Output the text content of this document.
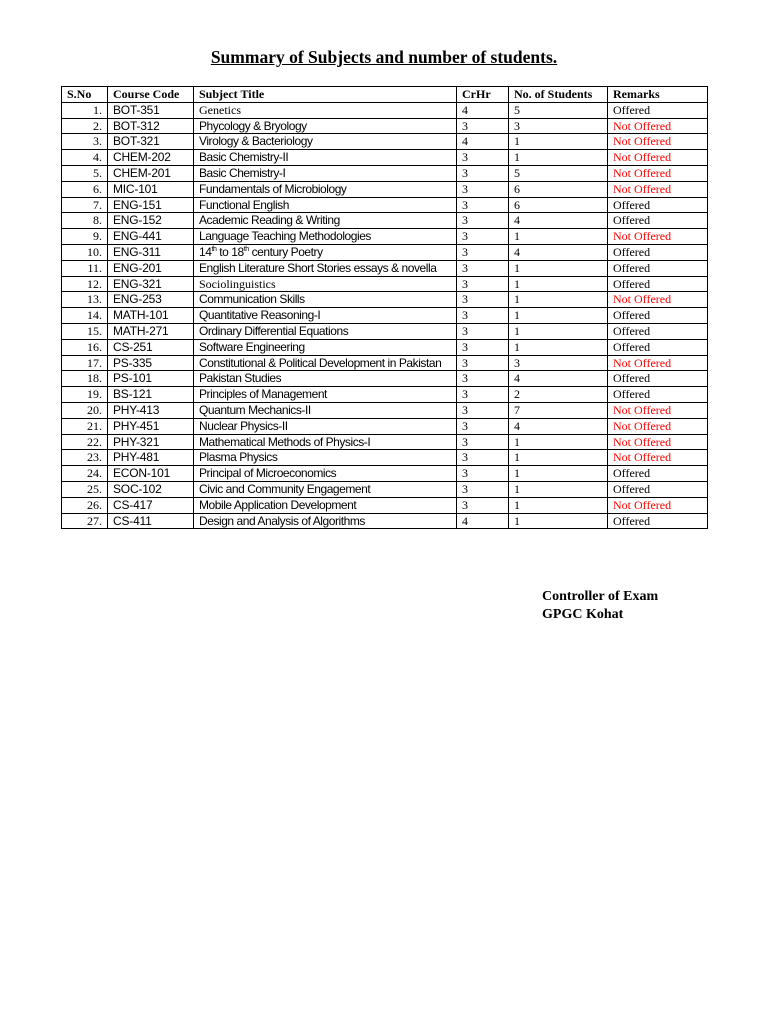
Summary of Subjects and number of students.
S.No	Course Code	Subject Title	CrHr	No. of Students	Remarks
1.	BOT-351	Genetics	4	5	Offered
2.	BOT-312	Phycology & Bryology	3	3	Not Offered
3.	BOT-321	Virology & Bacteriology	4	1	Not Offered
4.	CHEM-202	Basic Chemistry-II	3	1	Not Offered
5.	CHEM-201	Basic Chemistry-I	3	5	Not Offered
6.	MIC-101	Fundamentals of Microbiology	3	6	Not Offered
7.	ENG-151	Functional English	3	6	Offered
8.	ENG-152	Academic Reading & Writing	3	4	Offered
9.	ENG-441	Language Teaching Methodologies	3	1	Not Offered
10.	ENG-311	14th to 18th century Poetry	3	4	Offered
11.	ENG-201	English Literature Short Stories essays & novella	3	1	Offered
12.	ENG-321	Sociolinguistics	3	1	Offered
13.	ENG-253	Communication Skills	3	1	Not Offered
14.	MATH-101	Quantitative Reasoning-I	3	1	Offered
15.	MATH-271	Ordinary Differential Equations	3	1	Offered
16.	CS-251	Software Engineering	3	1	Offered
17.	PS-335	Constitutional & Political Development in Pakistan	3	3	Not Offered
18.	PS-101	Pakistan Studies	3	4	Offered
19.	BS-121	Principles of Management	3	2	Offered
20.	PHY-413	Quantum Mechanics-II	3	7	Not Offered
21.	PHY-451	Nuclear Physics-II	3	4	Not Offered
22.	PHY-321	Mathematical Methods of Physics-I	3	1	Not Offered
23.	PHY-481	Plasma Physics	3	1	Not Offered
24.	ECON-101	Principal of Microeconomics	3	1	Offered
25.	SOC-102	Civic and Community Engagement	3	1	Offered
26.	CS-417	Mobile Application Development	3	1	Not Offered
27.	CS-411	Design and Analysis of Algorithms	4	1	Offered
Controller of Exam
GPGC Kohat
